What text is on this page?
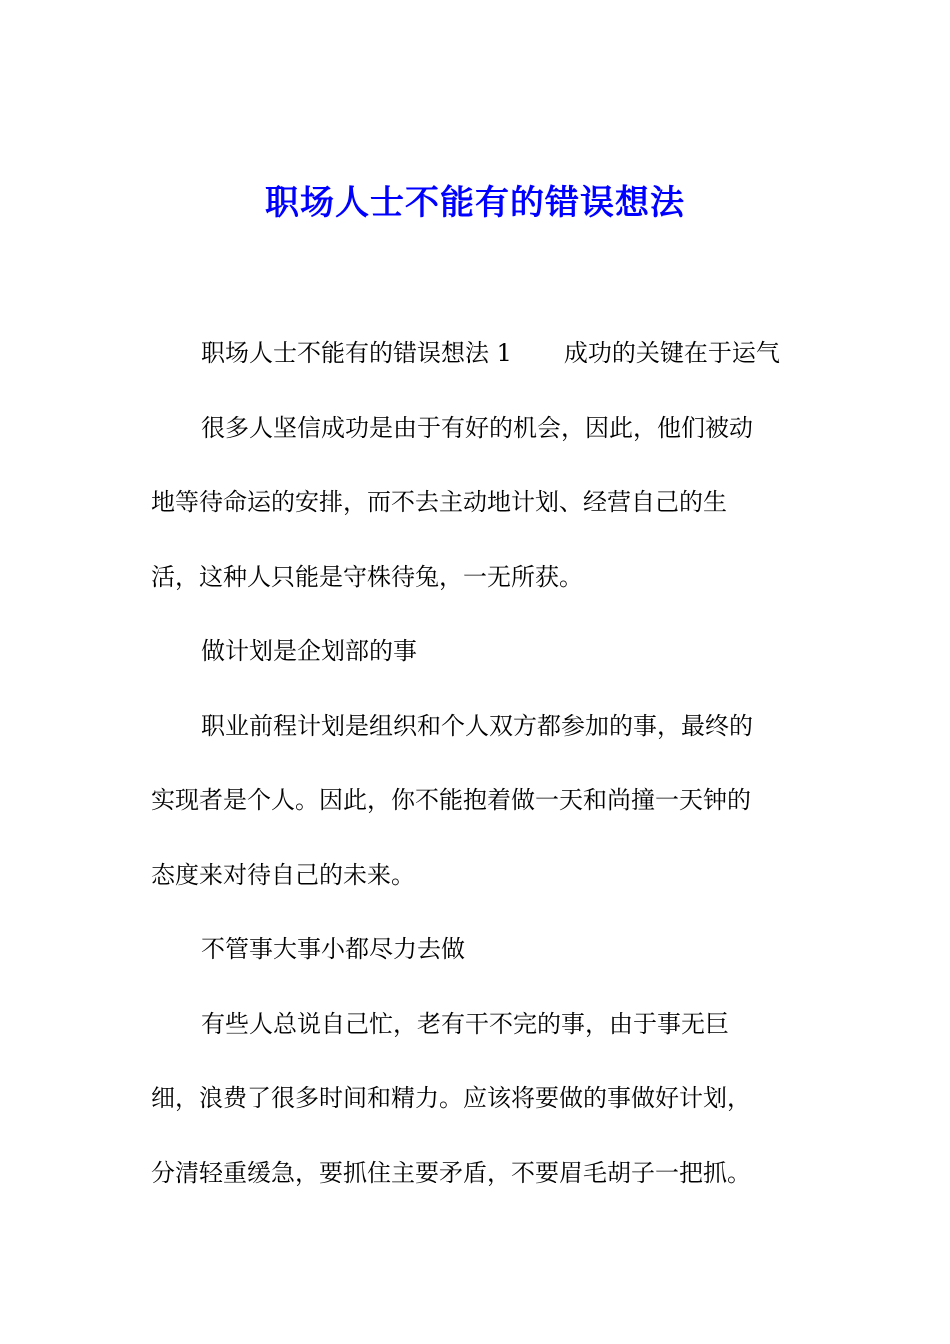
职场人士不能有的错误想法
职场人士不能有的错误想法 1 成功的关键在于运气
很多人坚信成功是由于有好的机会，因此，他们被动
地等待命运的安排，而不去主动地计划、经营自己的生
活，这种人只能是守株待兔，一无所获。
做计划是企划部的事
职业前程计划是组织和个人双方都参加的事，最终的
实现者是个人。因此，你不能抱着做一天和尚撞一天钟的
态度来对待自己的未来。
不管事大事小都尽力去做
有些人总说自己忙，老有干不完的事，由于事无巨
细，浪费了很多时间和精力。应该将要做的事做好计划，
分清轻重缓急，要抓住主要矛盾，不要眉毛胡子一把抓。
